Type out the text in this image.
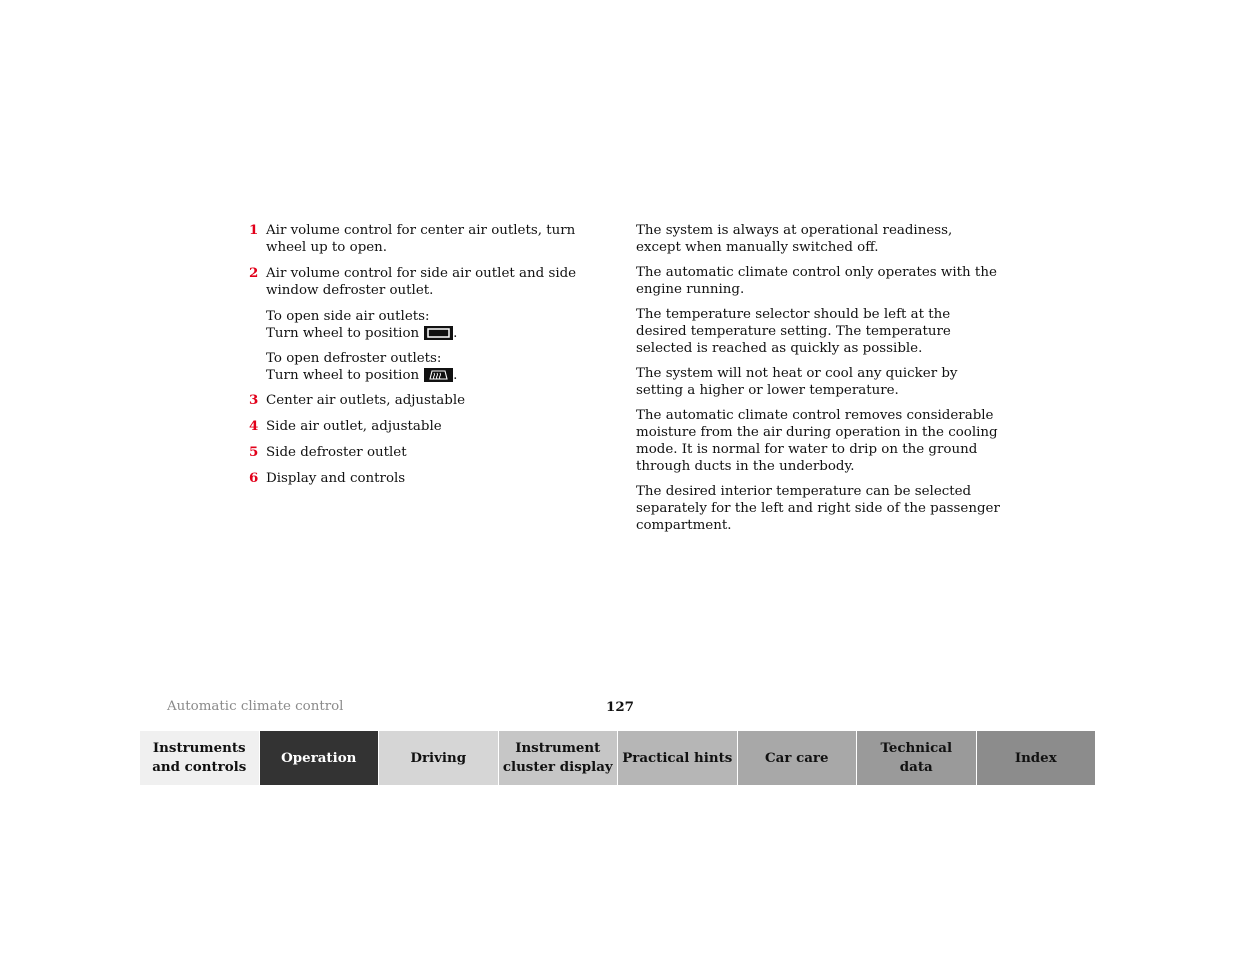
1 Air volume control for center air outlets, turn wheel up to open.
2 Air volume control for side air outlet and side window defroster outlet.
To open side air outlets:
Turn wheel to position	.
To open defroster outlets:
Turn wheel to position	.
3 Center air outlets, adjustable
4 Side air outlet, adjustable
5 Side defroster outlet
6 Display and controls
The system is always at operational readiness, except when manually switched off.
The automatic climate control only operates with the engine running.
The temperature selector should be left at the desired temperature setting. The temperature selected is reached as quickly as possible.
The system will not heat or cool any quicker by setting a higher or lower temperature.
The automatic climate control removes considerable moisture from the air during operation in the cooling mode. It is normal for water to drip on the ground through ducts in the underbody.
The desired interior temperature can be selected separately for the left and right side of the passenger compartment.
Automatic climate control	127
Instruments
and controls
Operation	Driving
Instrument
cluster display
Practical hints	Car care
Technical
data
Index
